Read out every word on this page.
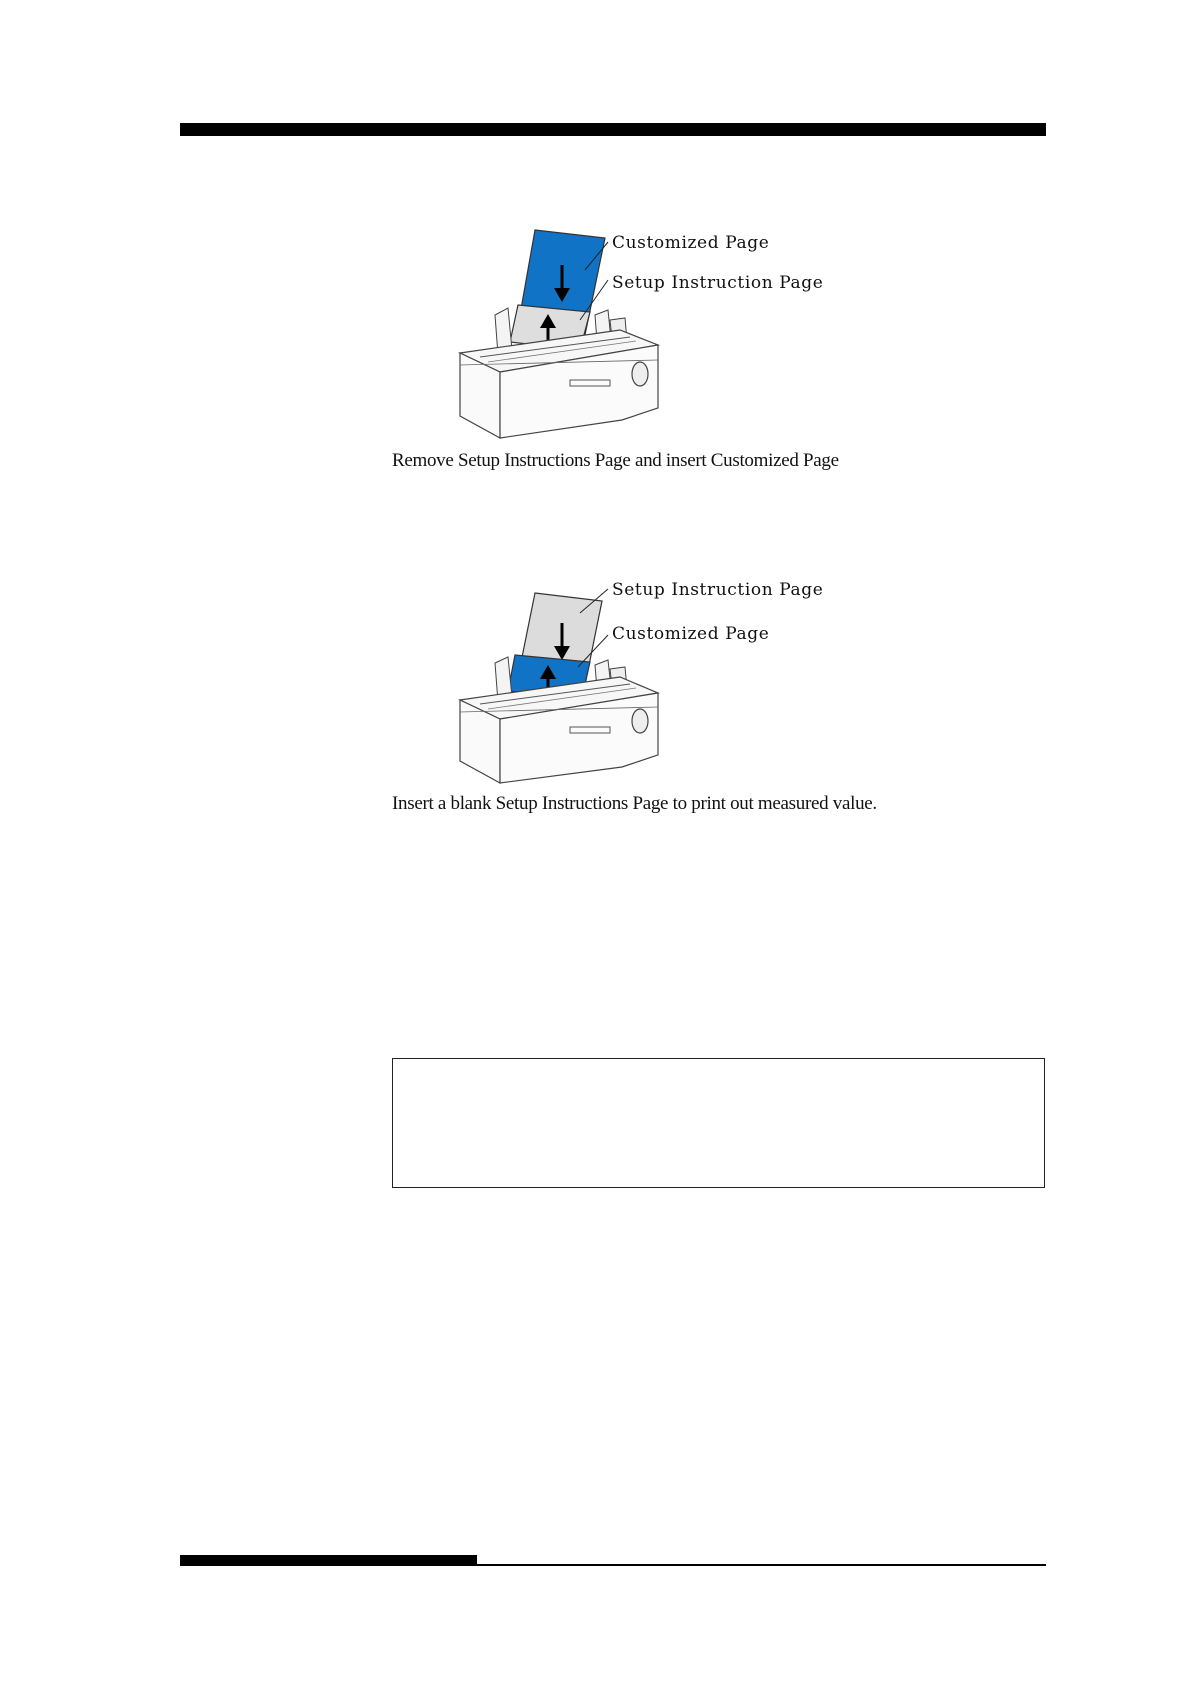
Customized Page
Setup Instruction Page
Remove Setup Instructions Page and insert Customized Page
Setup Instruction Page
Customized Page
Insert a blank Setup Instructions Page to print out measured value.
